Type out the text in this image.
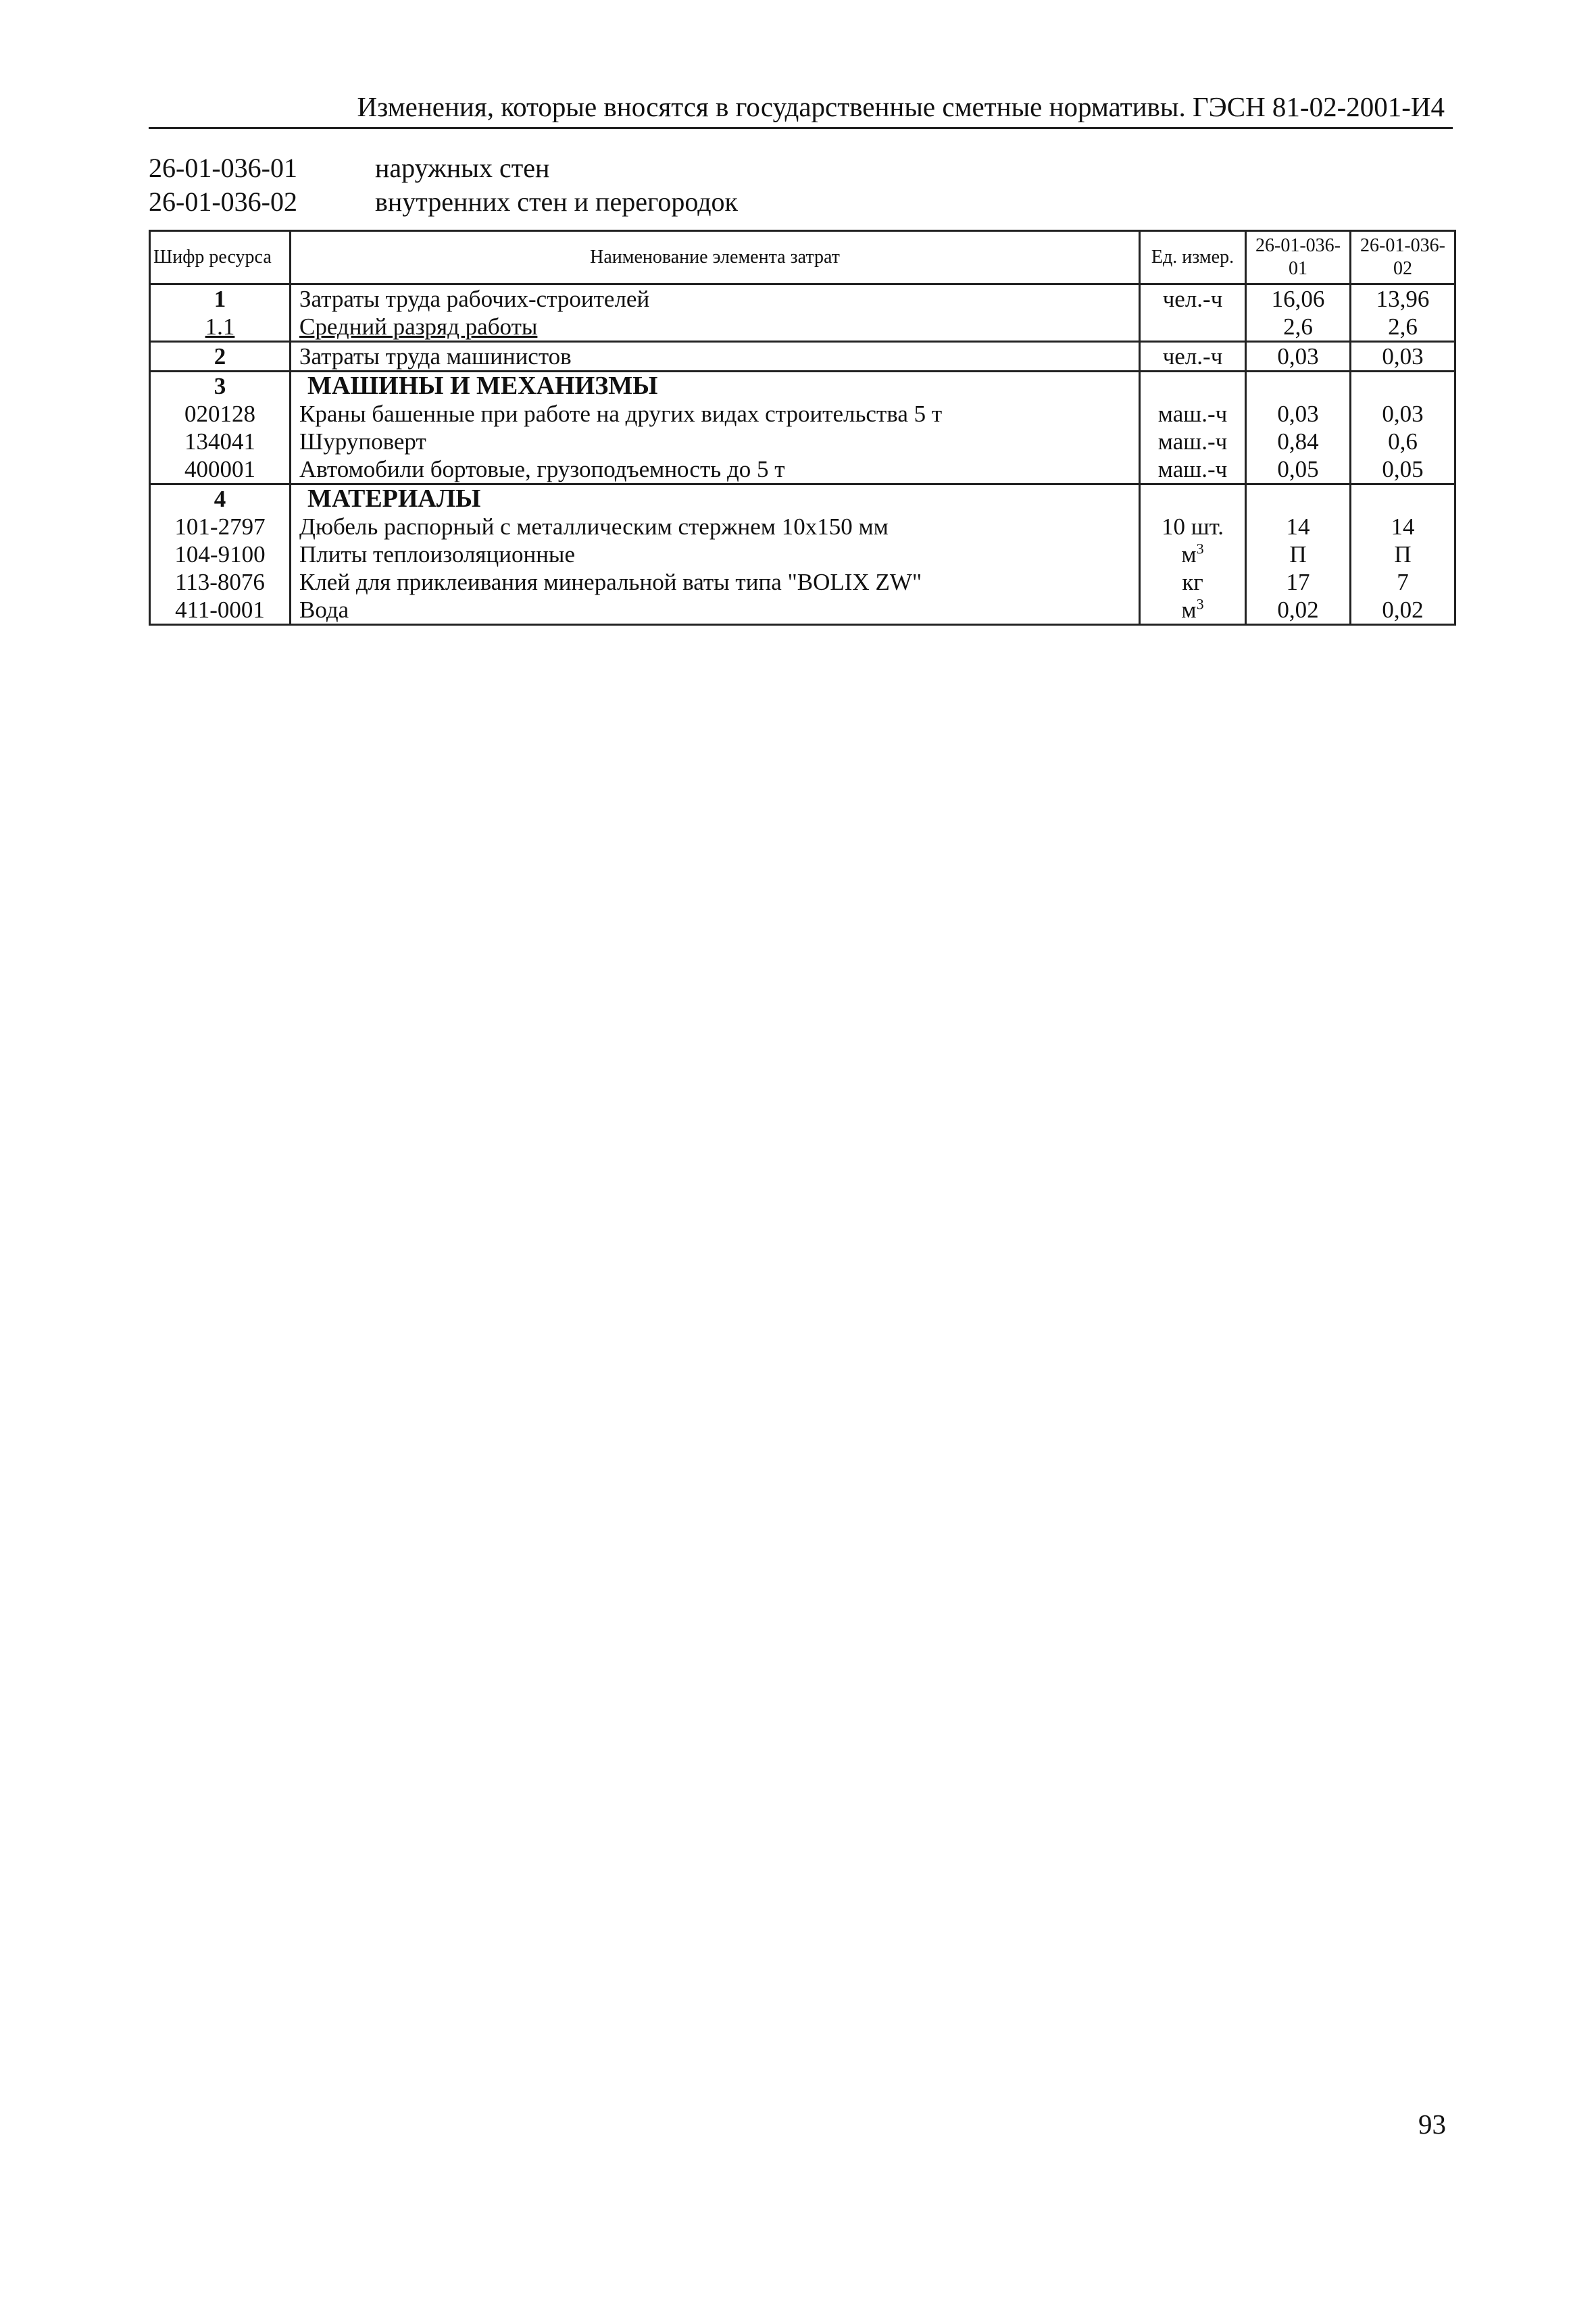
Изменения, которые вносятся в государственные сметные нормативы. ГЭСН 81-02-2001-И4
26-01-036-01	наружных стен
26-01-036-02	внутренних стен и перегородок
Шифр ресурса	Наименование элемента затрат	Ед. измер.	26-01-036-01	26-01-036-02
1	Затраты труда рабочих-строителей	чел.-ч	16,06	13,96
1.1	Средний разряд работы		2,6	2,6
2	Затраты труда машинистов	чел.-ч	0,03	0,03
3	МАШИНЫ И МЕХАНИЗМЫ			
020128	Краны башенные при работе на других видах строительства 5 т	маш.-ч	0,03	0,03
134041	Шуруповерт	маш.-ч	0,84	0,6
400001	Автомобили бортовые, грузоподъемность до 5 т	маш.-ч	0,05	0,05
4	МАТЕРИАЛЫ			
101-2797	Дюбель распорный с металлическим стержнем 10х150 мм	10 шт.	14	14
104-9100	Плиты теплоизоляционные	$м^3$	П	П
113-8076	Клей для приклеивания минеральной ваты типа "BOLIX ZW"	кг	17	7
411-0001	Вода	$м^3$	0,02	0,02
93
